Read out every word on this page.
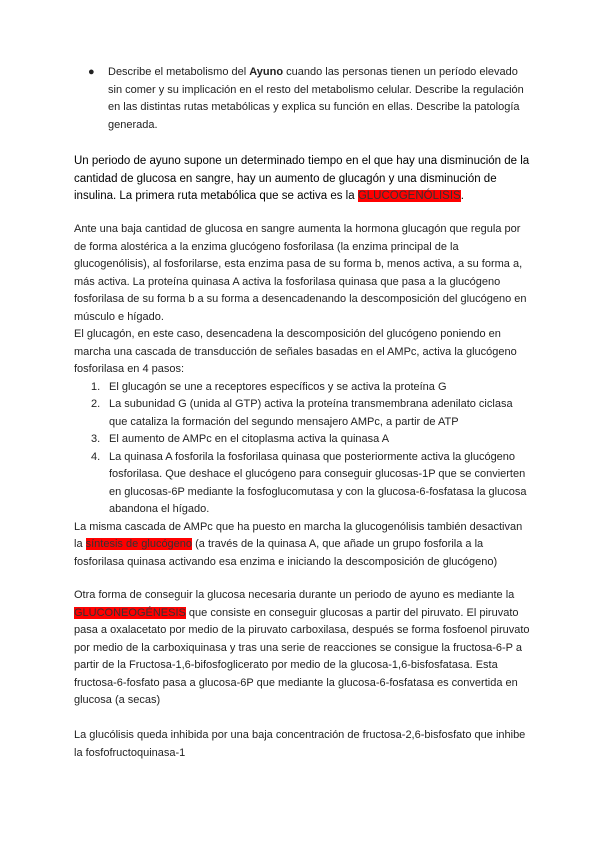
● Describe el metabolismo del Ayuno cuando las personas tienen un período elevado sin comer y su implicación en el resto del metabolismo celular. Describe la regulación en las distintas rutas metabólicas y explica su función en ellas. Describe la patología generada.

Un periodo de ayuno supone un determinado tiempo en el que hay una disminución de la cantidad de glucosa en sangre, hay un aumento de glucagón y una disminución de insulina. La primera ruta metabólica que se activa es la GLUCOGENÓLISIS.

Ante una baja cantidad de glucosa en sangre aumenta la hormona glucagón que regula por de forma alostérica a la enzima glucógeno fosforilasa (la enzima principal de la glucogenólisis), al fosforilarse, esta enzima pasa de su forma b, menos activa, a su forma a, más activa. La proteína quinasa A activa la fosforilasa quinasa que pasa a la glucógeno fosforilasa de su forma b a su forma a desencadenando la descomposición del glucógeno en músculo e hígado.

El glucagón, en este caso, desencadena la descomposición del glucógeno poniendo en marcha una cascada de transducción de señales basadas en el AMPc, activa la glucógeno fosforilasa en 4 pasos:

1. El glucagón se une a receptores específicos y se activa la proteína G
2. La subunidad G (unida al GTP) activa la proteína transmembrana adenilato ciclasa que cataliza la formación del segundo mensajero AMPc, a partir de ATP
3. El aumento de AMPc en el citoplasma activa la quinasa A
4. La quinasa A fosforila la fosforilasa quinasa que posteriormente activa la glucógeno fosforilasa. Que deshace el glucógeno para conseguir glucosas-1P que se convierten en glucosas-6P mediante la fosfoglucomutasa y con la glucosa-6-fosfatasa la glucosa abandona el hígado.

La misma cascada de AMPc que ha puesto en marcha la glucogenólisis también desactivan la síntesis de glucógeno (a través de la quinasa A, que añade un grupo fosforila a la fosforilasa quinasa activando esa enzima e iniciando la descomposición de glucógeno)

Otra forma de conseguir la glucosa necesaria durante un periodo de ayuno es mediante la GLUCONEOGÉNESIS que consiste en conseguir glucosas a partir del piruvato. El piruvato pasa a oxalacetato por medio de la piruvato carboxilasa, después se forma fosfoenol piruvato por medio de la carboxiquinasa y tras una serie de reacciones se consigue la fructosa-6-P a partir de la Fructosa-1,6-bifosfoglicerato por medio de la glucosa-1,6-bisfosfatasa. Esta fructosa-6-fosfato pasa a glucosa-6P que mediante la glucosa-6-fosfatasa es convertida en glucosa (a secas)

La glucólisis queda inhibida por una baja concentración de fructosa-2,6-bisfosfato que inhibe la fosfofructoquinasa-1
